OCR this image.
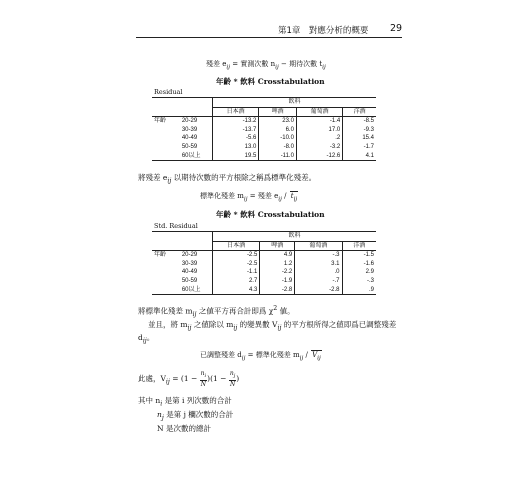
第1章　對應分析的概要 29
殘差 $e_{ij}$ = 實測次數 $n_{ij}$ − 期待次數 $t_{ij}$
年齡 * 飲料 Crosstabulation
Residual
		飲料			
		日本酒	啤酒	葡萄酒	洋酒
年齡	20-29	-13.2	23.0	-1.4	-8.5
	30-39	-13.7	6.0	17.0	-9.3
	40-49	-5.6	-10.0	.2	15.4
	50-59	13.0	-8.0	-3.2	-1.7
	60以上	19.5	-11.0	-12.6	4.1
將殘差 $e_{ij}$ 以期待次數的平方根除之稱爲標準化殘差。
標準化殘差 $m_{ij}$ = 殘差 $e_{ij} / t_{ij}$
年齡 * 飲料 Crosstabulation
Std. Residual
		飲料			
		日本酒	啤酒	葡萄酒	洋酒
年齡	20-29	-2.5	4.9	-.3	-1.5
	30-39	-2.5	1.2	3.1	-1.6
	40-49	-1.1	-2.2	.0	2.9
	50-59	2.7	-1.9	-.7	-.3
	60以上	4.3	-2.8	-2.8	.9
將標準化殘差 $m_{ij}$ 之値平方再合計即爲 $\chi^2$ 値。
並且，將 $m_{ij}$ 之値除以 $m_{ij}$ 的變異數 $V_{ij}$ 的平方根所得之値即爲已調整殘差
$d_{ij}$。
已調整殘差 $d_{ij}$ = 標準化殘差 $m_{ij} / V_{ij}$
此處，$V_{ij} = (1 - \frac{n_i}{N} )(1 - \frac{n_j}{N}$ )
其中 $n_i$ 是第 i 列次數的合計
$n_j$ 是第 j 欄次數的合計
N 是次數的總計
